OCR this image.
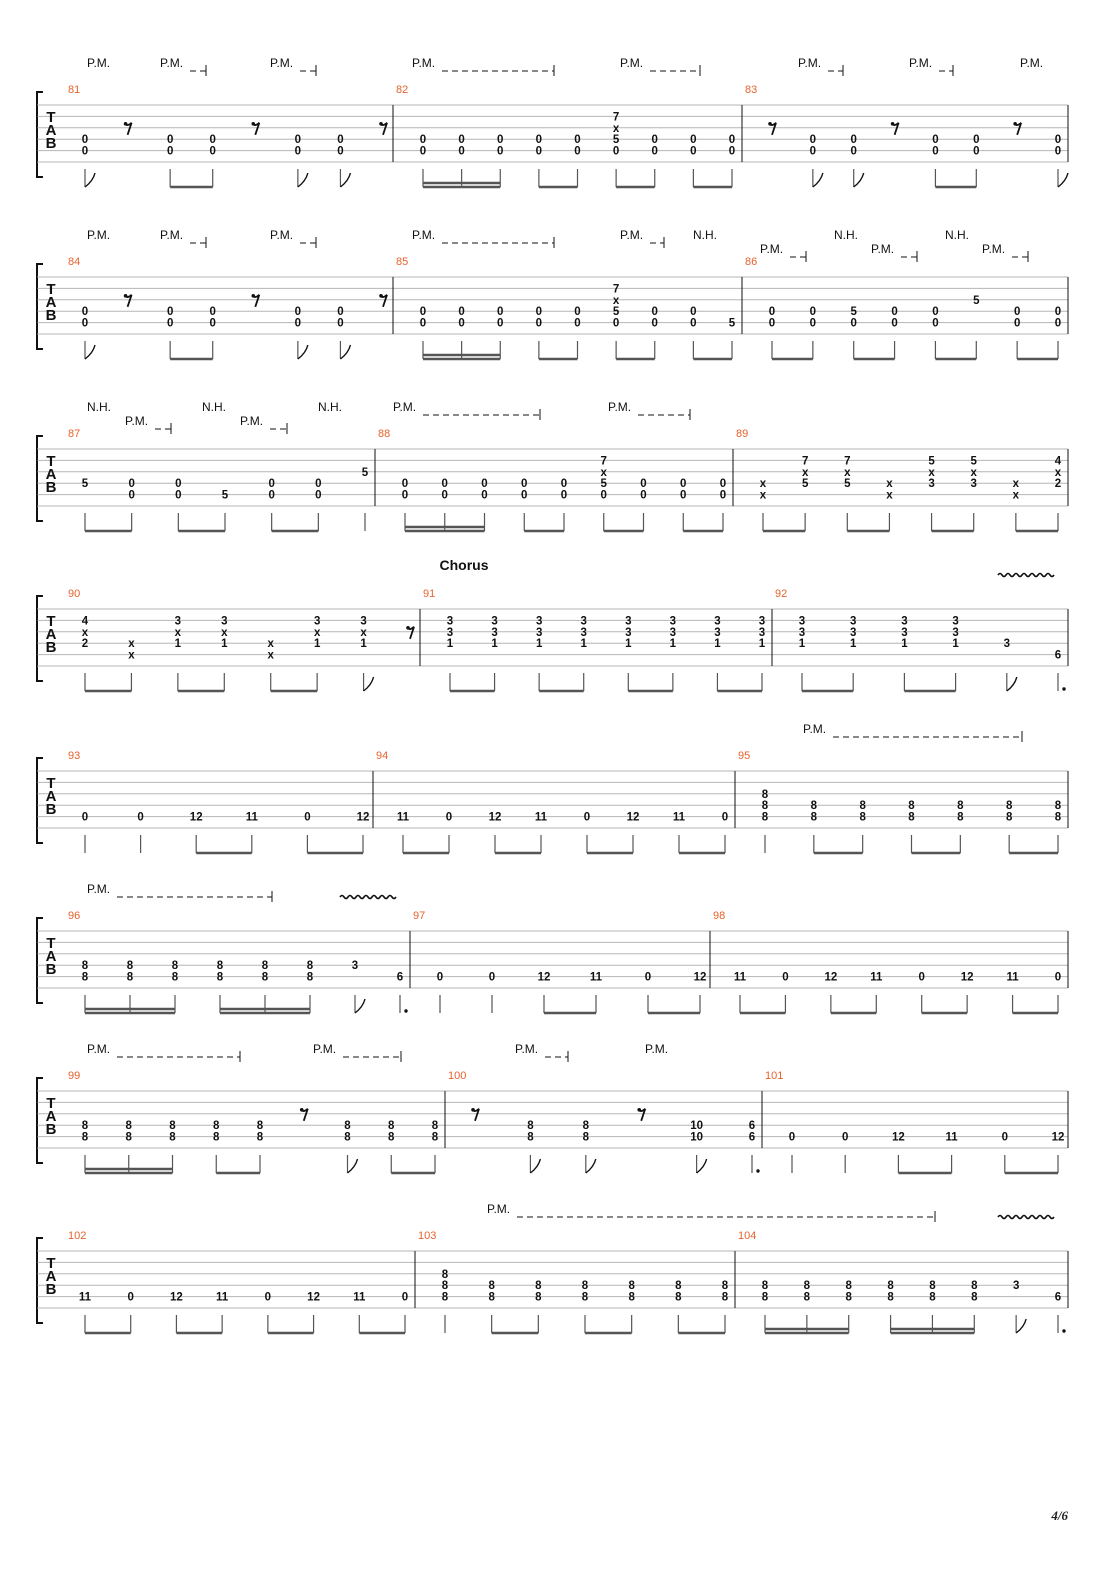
T
A
B
P.M.	P.M.	P.M.	P.M.	P.M.	P.M.	P.M.	P.M.
81
0
0
0
0
0
0
0
0
0
0
82
0
0
0
0
0
0
0
0
0
0
7
x
5
0
0
0
0
0
0
0
83
0
0
0
0
0
0
0
0
0
0
T
A
B
P.M.	P.M.	P.M.	P.M.	P.M.	N.H.
P.M.
N.H.
P.M.
N.H.
P.M.
84
0
0
0
0
0
0
0
0
0
0
85
0
0
0
0
0
0
0
0
0
0
7
x
5
0
0
0
0
0	5
86
0
0
0
0
5
0
0
0
0
0
5
0
0
0
0
T
A
B
N.H.
P.M.
N.H.
P.M.
N.H.	P.M.	P.M.
87
5	0
0
0
0	5
0
0
0
0
5
88
0
0
0
0
0
0
0
0
0
0
7
x
5
0
0
0
0
0
0
0
89
x
x
7
x
5
7
x
5	x
x
5
x
3
5
x
3	x
x
4
x
2
T
A
B
Chorus
90
4
x
2	x
x
3
x
1
3
x
1	x
x
3
x
1
3
x
1
91
3
3
1
3
3
1
3
3
1
3
3
1
3
3
1
3
3
1
3
3
1
3
3
1
92
3
3
1
3
3
1
3
3
1
3
3
1	3
6
T
A
B
P.M.
93
0	0	12	11	0	12
94
11	0	12	11	0	12	11	0
95
8
8
8
8
8
8
8
8
8
8
8
8
8
8
8
T
A
B
P.M.
96
8
8
8
8
8
8
8
8
8
8
8
8
3
6
97
0	0	12	11	0	12
98
11	0	12	11	0	12	11	0
T
A
B
P.M.	P.M.	P.M.	P.M.
99
8
8
8
8
8
8
8
8
8
8
8
8
8
8
8
8
100
8
8
8
8
10
10
6
6
101
0	0	12	11	0	12
T
A
B
P.M.
102
11	0	12	11	0	12	11	0
103
8
8
8
8
8
8
8
8
8
8
8
8
8
8
8
104
8
8
8
8
8
8
8
8
8
8
8
8
3
6
4/6
